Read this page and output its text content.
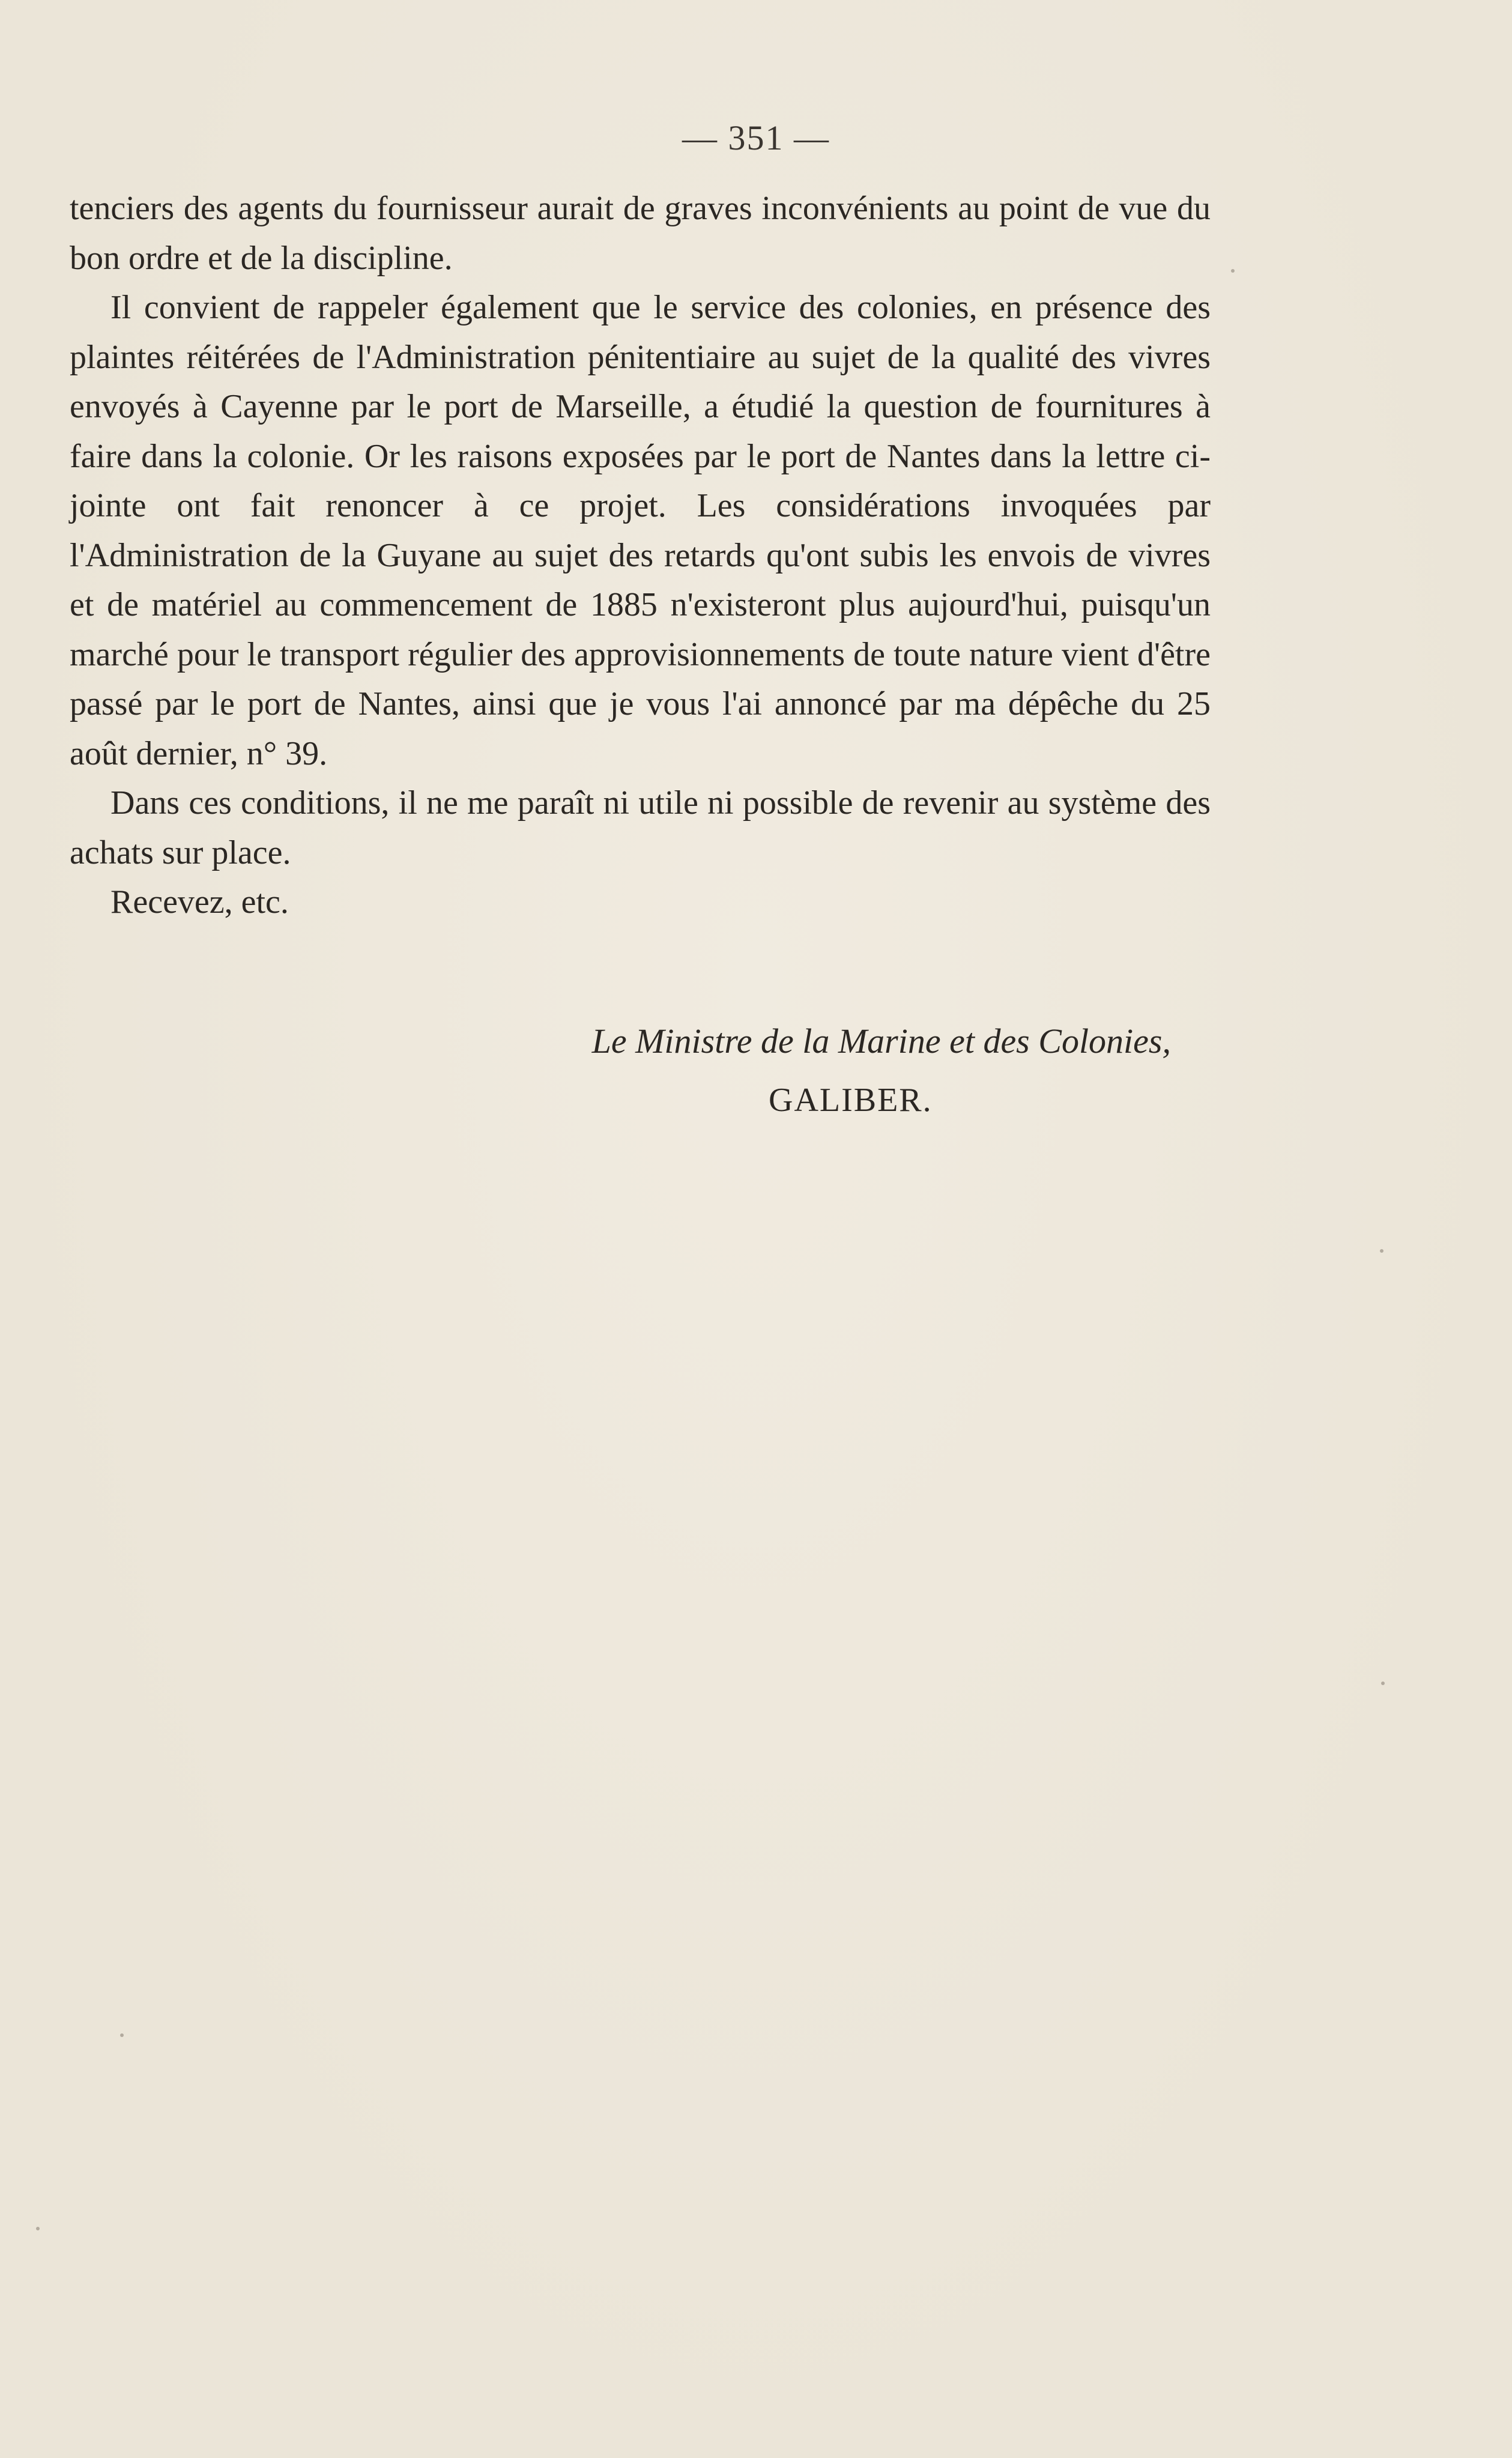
— 351 —

tenciers des agents du fournisseur aurait de graves inconvénients au point de vue du bon ordre et de la discipline.

Il convient de rappeler également que le service des colonies, en présence des plaintes réitérées de l'Administration pénitentiaire au sujet de la qualité des vivres envoyés à Cayenne par le port de Marseille, a étudié la question de fournitures à faire dans la colonie. Or les raisons exposées par le port de Nantes dans la lettre ci-jointe ont fait renoncer à ce projet. Les considérations invoquées par l'Administration de la Guyane au sujet des retards qu'ont subis les envois de vivres et de matériel au commencement de 1885 n'existeront plus aujourd'hui, puisqu'un marché pour le transport régulier des approvisionnements de toute nature vient d'être passé par le port de Nantes, ainsi que je vous l'ai annoncé par ma dépêche du 25 août dernier, n° 39.

Dans ces conditions, il ne me paraît ni utile ni possible de revenir au système des achats sur place.

Recevez, etc.

Le Ministre de la Marine et des Colonies,
GALIBER.
